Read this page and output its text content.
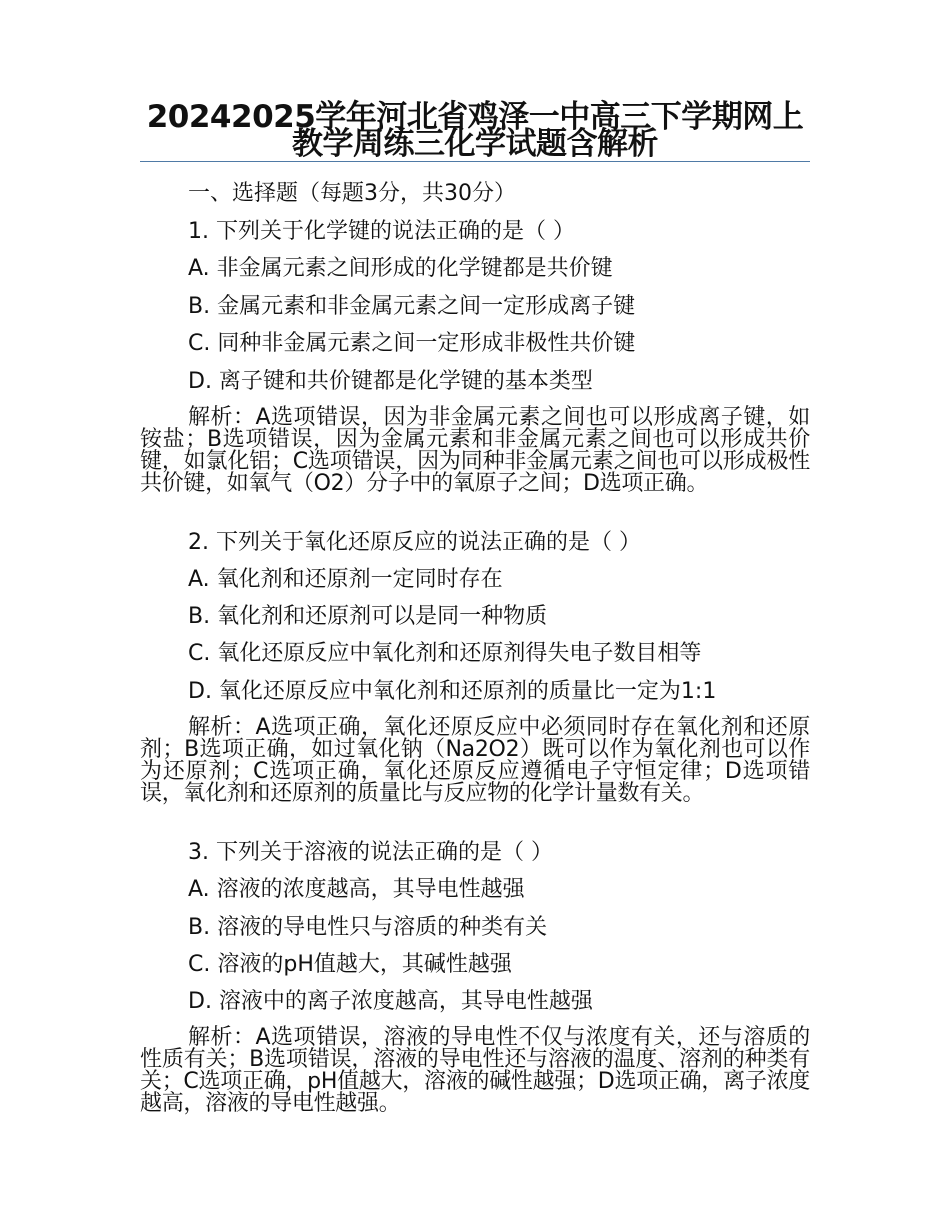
20242025学年河北省鸡泽一中高三下学期网上教学周练三化学试题含解析

一、选择题（每题3分，共30分）

1. 下列关于化学键的说法正确的是（ ）

A. 非金属元素之间形成的化学键都是共价键

B. 金属元素和非金属元素之间一定形成离子键

C. 同种非金属元素之间一定形成非极性共价键

D. 离子键和共价键都是化学键的基本类型

解析：A选项错误，因为非金属元素之间也可以形成离子键，如铵盐；B选项错误，因为金属元素和非金属元素之间也可以形成共价键，如氯化铝；C选项错误，因为同种非金属元素之间也可以形成极性共价键，如氧气（O2）分子中的氧原子之间；D选项正确。

2. 下列关于氧化还原反应的说法正确的是（ ）

A. 氧化剂和还原剂一定同时存在

B. 氧化剂和还原剂可以是同一种物质

C. 氧化还原反应中氧化剂和还原剂得失电子数目相等

D. 氧化还原反应中氧化剂和还原剂的质量比一定为1:1

解析：A选项正确，氧化还原反应中必须同时存在氧化剂和还原剂；B选项正确，如过氧化钠（Na2O2）既可以作为氧化剂也可以作为还原剂；C选项正确，氧化还原反应遵循电子守恒定律；D选项错误，氧化剂和还原剂的质量比与反应物的化学计量数有关。

3. 下列关于溶液的说法正确的是（ ）

A. 溶液的浓度越高，其导电性越强

B. 溶液的导电性只与溶质的种类有关

C. 溶液的pH值越大，其碱性越强

D. 溶液中的离子浓度越高，其导电性越强

解析：A选项错误，溶液的导电性不仅与浓度有关，还与溶质的性质有关；B选项错误，溶液的导电性还与溶液的温度、溶剂的种类有关；C选项正确，pH值越大，溶液的碱性越强；D选项正确，离子浓度越高，溶液的导电性越强。
